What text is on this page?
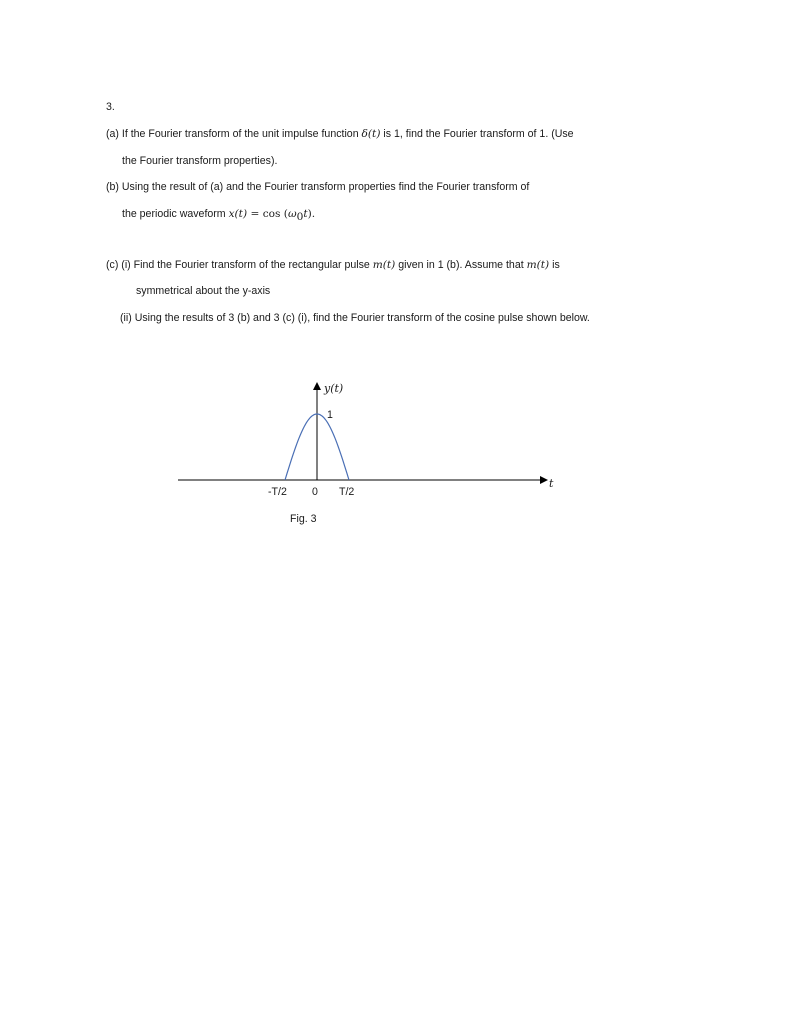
3.
(a) If the Fourier transform of the unit impulse function δ(t) is 1, find the Fourier transform of 1. (Use
the Fourier transform properties).
(b) Using the result of (a) and the Fourier transform properties find the Fourier transform of
the periodic waveform $x(t) = \cos (\omega_0t)$.
(c) (i) Find the Fourier transform of the rectangular pulse m(t) given in 1 (b). Assume that m(t) is
symmetrical about the y-axis
(ii) Using the results of 3 (b) and 3 (c) (i), find the Fourier transform of the cosine pulse shown below.
y(t)
1
t
-T/2 0 T/2
Fig. 3
